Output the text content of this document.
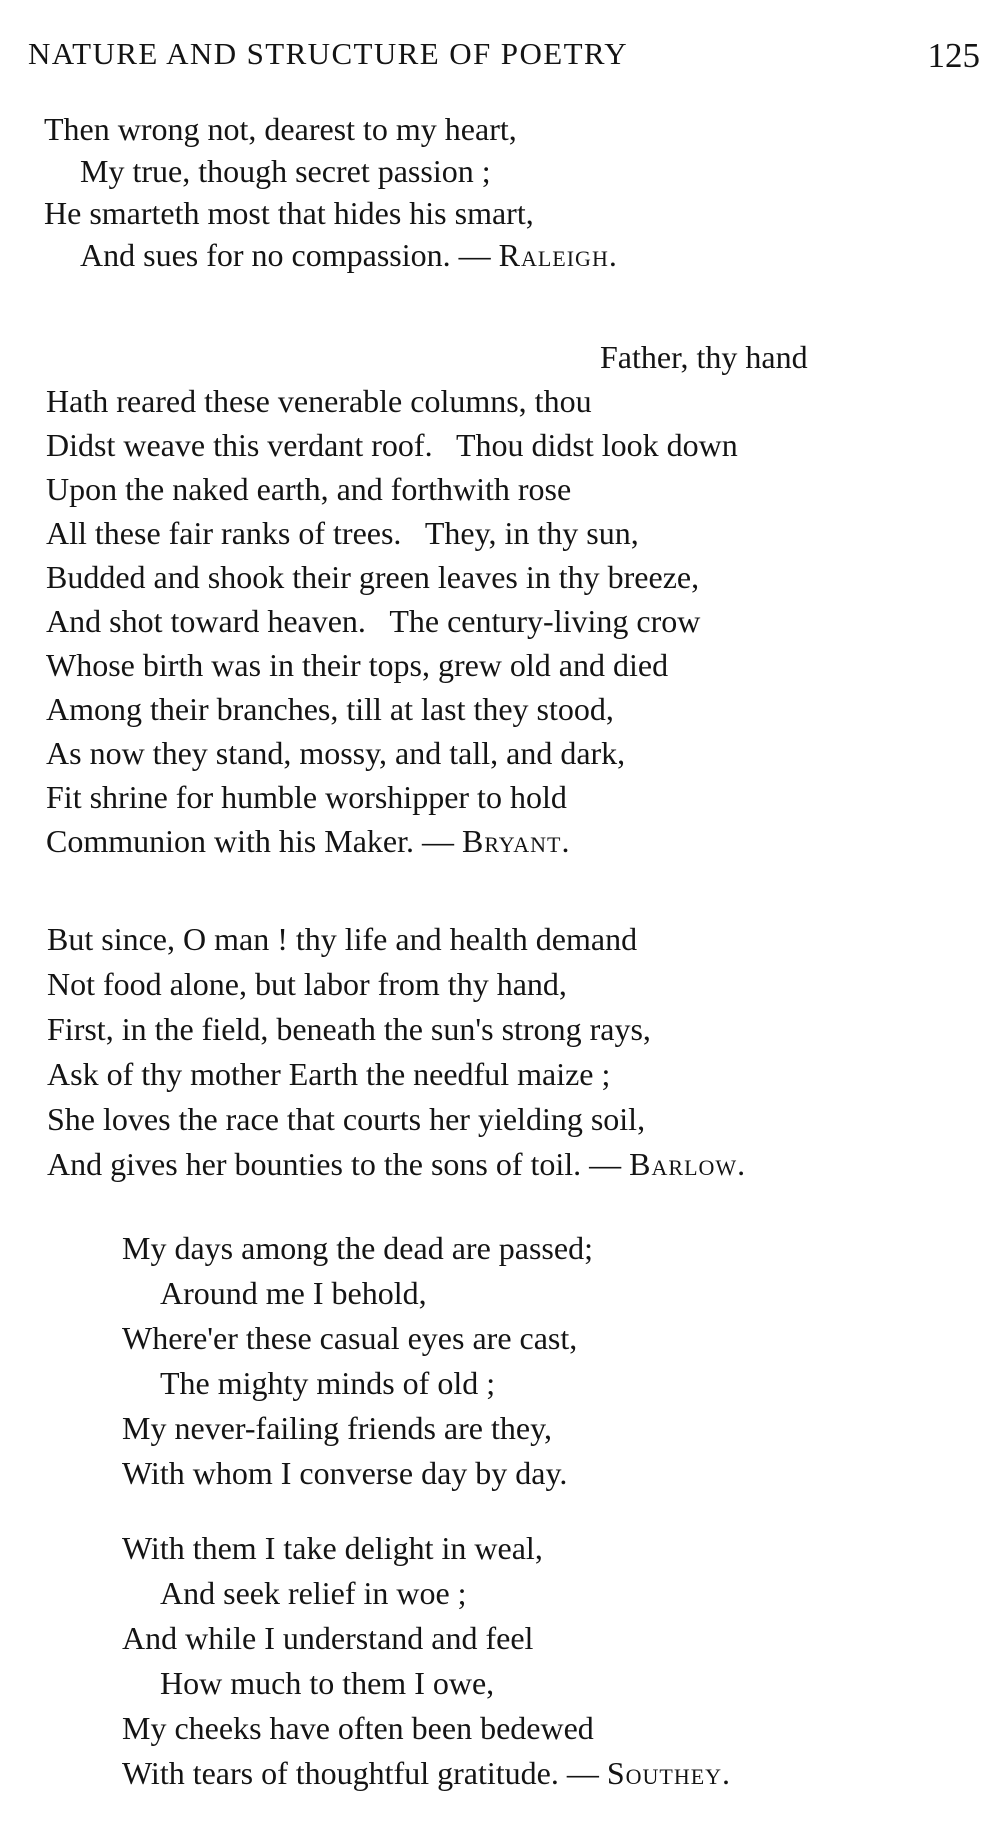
NATURE AND STRUCTURE OF POETRY	125
Then wrong not, dearest to my heart,
My true, though secret passion ;
He smarteth most that hides his smart,
And sues for no compassion. — Raleigh.
Father, thy hand
Hath reared these venerable columns, thou
Didst weave this verdant roof.   Thou didst look down
Upon the naked earth, and forthwith rose
All these fair ranks of trees.   They, in thy sun,
Budded and shook their green leaves in thy breeze,
And shot toward heaven.   The century-living crow
Whose birth was in their tops, grew old and died
Among their branches, till at last they stood,
As now they stand, mossy, and tall, and dark,
Fit shrine for humble worshipper to hold
Communion with his Maker. — Bryant.
But since, O man ! thy life and health demand
Not food alone, but labor from thy hand,
First, in the field, beneath the sun's strong rays,
Ask of thy mother Earth the needful maize ;
She loves the race that courts her yielding soil,
And gives her bounties to the sons of toil. — Barlow.
My days among the dead are passed;
Around me I behold,
Where'er these casual eyes are cast,
The mighty minds of old ;
My never-failing friends are they,
With whom I converse day by day.
With them I take delight in weal,
And seek relief in woe ;
And while I understand and feel
How much to them I owe,
My cheeks have often been bedewed
With tears of thoughtful gratitude. — Southey.
